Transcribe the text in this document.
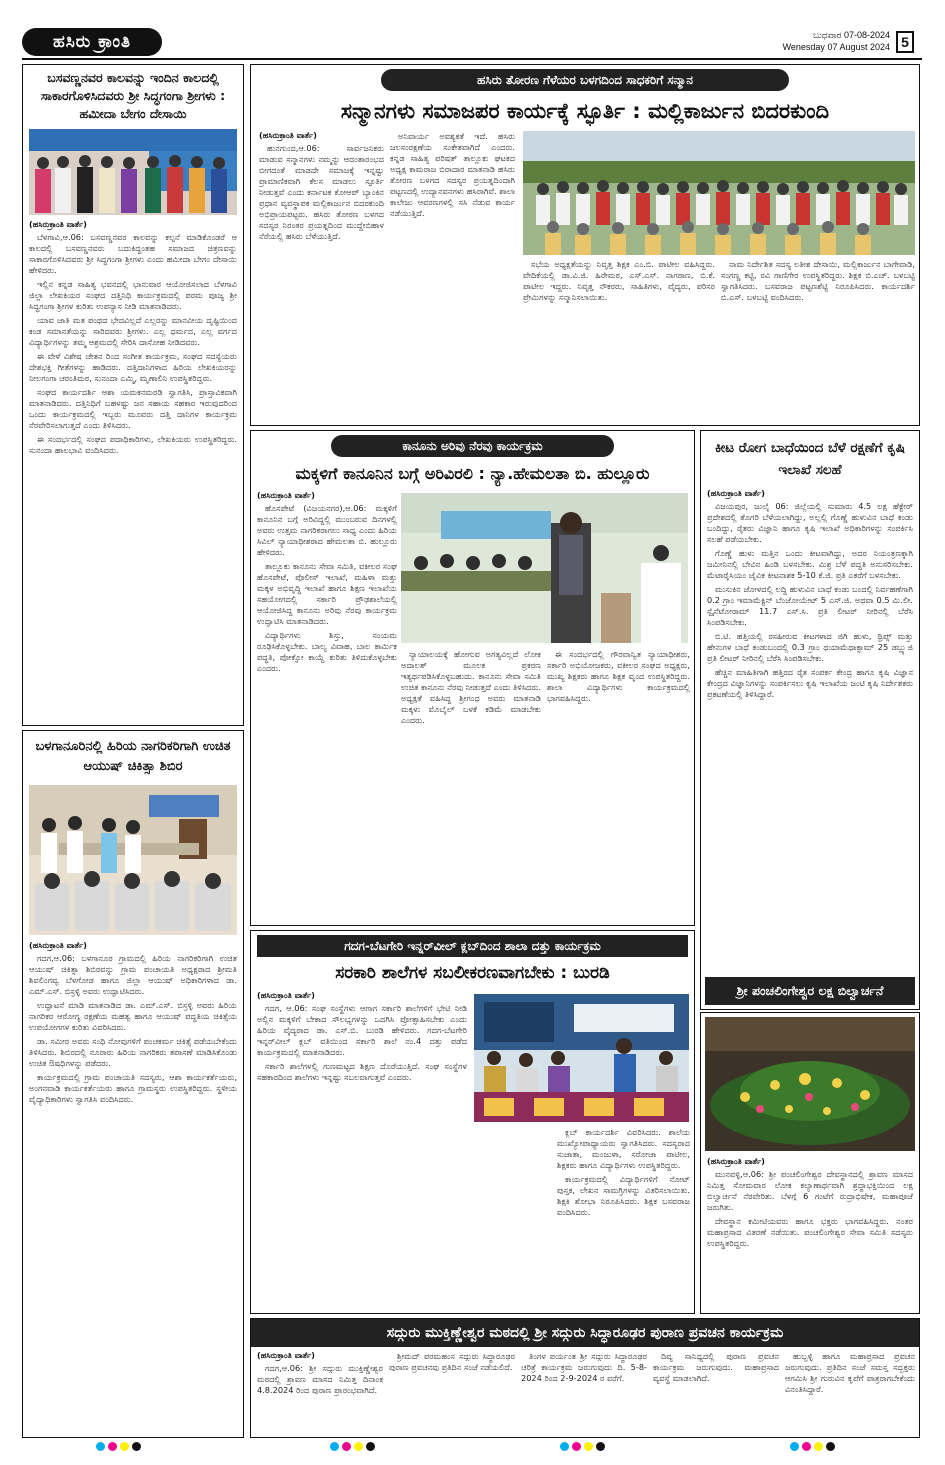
ಹಸಿರು ಕ್ರಾಂತಿ	ಬುಧವಾರ 07-08-2024
Wenesday 07 August 2024 5
ಬಸವಣ್ಣನವರ ಕಾಲವನ್ನು ಇಂದಿನ ಕಾಲದಲ್ಲಿ ಸಾಕಾರಗೊಳಿಸಿದವರು ಶ್ರೀ ಸಿದ್ಧಗಂಗಾ ಶ್ರೀಗಳು : ಹಮೀದಾ ಬೇಗಂ ದೇಸಾಯಿ
(ಹಸಿರುಕ್ರಾಂತಿ ವಾರ್ತೆ)

ಬೆಳಗಾವಿ,ಆ.06: ಬಸವಣ್ಣನವರ ಕಾಲವನ್ನು ಕಲ್ಪನೆ ಮಾಡಿಕೊಂಡರೆ ಆ ಕಾಲದಲ್ಲಿ ಬಸವಣ್ಣನವರು ಬದುಕಿದ್ದಂತಹ ಸಮಾಜದ ಚಿತ್ರಣವನ್ನು ಸಾಕಾರಗೊಳಿಸಿದವರು ಶ್ರೀ ಸಿದ್ಧಗಂಗಾ ಶ್ರೀಗಳು ಎಂದು ಹಮೀದಾ ಬೇಗಂ ದೇಸಾಯಿ ಹೇಳಿದರು.

ಇಲ್ಲಿನ ಕನ್ನಡ ಸಾಹಿತ್ಯ ಭವನದಲ್ಲಿ ಭಾನುವಾರ ಆಯೋಜಿಸಲಾದ ಬೆಳಗಾವಿ ಜಿಲ್ಲಾ ಲೇಖಕಿಯರ ಸಂಘದ ದತ್ತಿನಿಧಿ ಕಾರ್ಯಕ್ರಮದಲ್ಲಿ ಪರಮ ಪೂಜ್ಯ ಶ್ರೀ ಸಿದ್ಧಗಂಗಾ ಶ್ರೀಗಳ ಕುರಿತು ಉಪನ್ಯಾಸ ನೀಡಿ ಮಾತನಾಡಿದರು.

ಯಾವ ಜಾತಿ ಮತ ಪಂಥದ ಭೇದವಿಲ್ಲದೆ ಎಲ್ಲರನ್ನು ಮಾನವೀಯ ದೃಷ್ಟಿಯಿಂದ ಕಂಡ ಸಮಾನತೆಯನ್ನು ಸಾರಿದವರು ಶ್ರೀಗಳು. ಎಲ್ಲ ಧರ್ಮದ, ಎಲ್ಲ ವರ್ಗದ ವಿದ್ಯಾರ್ಥಿಗಳನ್ನು ತಮ್ಮ ಆಶ್ರಮದಲ್ಲಿ ಸೇರಿಸಿ ದಾಸೋಹ ನೀಡಿದವರು.

ಈ ವೇಳೆ ವಿಶೇಷ ಚೇತನ ರಿಂದ ಸಂಗೀತ ಕಾರ್ಯಕ್ರಮ, ಸಂಘದ ಸದಸ್ಯೆಯರು ದೇಶಭಕ್ತಿ ಗೀತೆಗಳನ್ನು ಹಾಡಿದರು. ದತ್ತಿದಾನಿಗಳಾದ ಹಿರಿಯ ಲೇಖಕಿಯರನ್ನು ನೀಲಗಂಗಾ ಚರಂತಿಮಠ, ಸುನಂದಾ ಎಮ್ಮಿ, ಮೃಣಾಲಿನಿ ಉಪಸ್ಥಿತರಿದ್ದರು.

ಸಂಘದ ಕಾರ್ಯದರ್ಶಿ ಆಶಾ ಯಮಕನಮರಡಿ ಸ್ವಾಗತಿಸಿ, ಪ್ರಾಸ್ತಾವಿಕವಾಗಿ ಮಾತನಾಡಿದರು. ದತ್ತಿನಿಧಿಗೆ ಬಹಳಷ್ಟು ಜನ ಸಹಾಯ ಸಹಕಾರ ಇರುವುದರಿಂದ ಒಂದು ಕಾರ್ಯಕ್ರಮದಲ್ಲಿ ಇಬ್ಬರು ಮೂವರು ದತ್ತಿ ದಾನಿಗಳ ಕಾರ್ಯಕ್ರಮ ನೆರವೇರಿಸಲಾಗುತ್ತದೆ ಎಂದು ತಿಳಿಸಿದರು.

ಈ ಸಂದರ್ಭದಲ್ಲಿ ಸಂಘದ ಪದಾಧಿಕಾರಿಗಳು, ಲೇಖಕಿಯರು ಉಪಸ್ಥಿತರಿದ್ದರು. ಸುನಂದಾ ಹಾಲಭಾವಿ ವಂದಿಸಿದರು.

ಬಳಗಾನೂರಿನಲ್ಲಿ ಹಿರಿಯ ನಾಗರಿಕರಿಗಾಗಿ ಉಚಿತ ಆಯುಷ್ ಚಿಕಿತ್ಸಾ ಶಿಬಿರ
(ಹಸಿರುಕ್ರಾಂತಿ ವಾರ್ತೆ)

ಗದಗ,ಆ.06: ಬಳಗಾನೂರ ಗ್ರಾಮದಲ್ಲಿ ಹಿರಿಯ ನಾಗರಿಕರಿಗಾಗಿ ಉಚಿತ ಆಯುಷ್ ಚಿಕಿತ್ಸಾ ಶಿಬಿರವನ್ನು ಗ್ರಾಮ ಪಂಚಾಯತಿ ಅಧ್ಯಕ್ಷರಾದ ಶ್ರೀಮತಿ ಶಿವಲಿಂಗವ್ವ ಬೆಳಗೋಡ ಹಾಗೂ ಜಿಲ್ಲಾ ಆಯುಷ್ ಅಧಿಕಾರಿಗಳಾದ ಡಾ. ಎಮ್.ಎಸ್. ಬಿಸ್ರಳ್ಳಿ ಅವರು ಉದ್ಘಾಟಿಸಿದರು.

ಉದ್ಘಾಟನೆ ಮಾಡಿ ಮಾತನಾಡಿದ ಡಾ. ಎಮ್.ಎಸ್. ಬಿಸ್ರಳ್ಳಿ ಅವರು ಹಿರಿಯ ನಾಗರಿಕರ ಆರೋಗ್ಯ ರಕ್ಷಣೆಯ ಮಹತ್ವ ಹಾಗೂ ಆಯುಷ್ ಪದ್ಧತಿಯ ಚಿಕಿತ್ಸೆಯ ಉಪಯೋಗಗಳ ಕುರಿತು ವಿವರಿಸಿದರು.

ಡಾ. ಸಮೀರ ಅವರು ಸಂಧಿ ನೋವುಗಳಿಗೆ ಪಂಚಕರ್ಮ ಚಿಕಿತ್ಸೆ ಪಡೆಯಬೇಕೆಂದು ತಿಳಿಸಿದರು. ಶಿಬಿರದಲ್ಲಿ ನೂರಾರು ಹಿರಿಯ ನಾಗರಿಕರು ತಪಾಸಣೆ ಮಾಡಿಸಿಕೊಂಡು ಉಚಿತ ಔಷಧಿಗಳನ್ನು ಪಡೆದರು.

ಕಾರ್ಯಕ್ರಮದಲ್ಲಿ ಗ್ರಾಮ ಪಂಚಾಯತಿ ಸದಸ್ಯರು, ಆಶಾ ಕಾರ್ಯಕರ್ತೆಯರು, ಅಂಗನವಾಡಿ ಕಾರ್ಯಕರ್ತೆಯರು ಹಾಗೂ ಗ್ರಾಮಸ್ಥರು ಉಪಸ್ಥಿತರಿದ್ದರು. ಸ್ಥಳೀಯ ವೈದ್ಯಾಧಿಕಾರಿಗಳು ಸ್ವಾಗತಿಸಿ ವಂದಿಸಿದರು.

ಹಸಿರು ತೋರಣ ಗೆಳೆಯರ ಬಳಗದಿಂದ ಸಾಧಕರಿಗೆ ಸನ್ಮಾನ
ಸನ್ಮಾನಗಳು ಸಮಾಜಪರ ಕಾರ್ಯಕ್ಕೆ ಸ್ಫೂರ್ತಿ : ಮಲ್ಲಿಕಾರ್ಜುನ ಬಿದರಕುಂದಿ
(ಹಸಿರುಕ್ರಾಂತಿ ವಾರ್ತೆ)

ಹುನಗುಂದ,ಆ.06: ಸಾರ್ವಜನಿಕರು ಮಾಡುವ ಸನ್ಮಾನಗಳು ನಮ್ಮನ್ನು ಆದಂತಾರಂಭದ ಬೀಗದಂತೆ ಮಾಡದೇ ಸಮಾಜಕ್ಕೆ ಇನ್ನಷ್ಟು ಪ್ರಾಮಾಣಿಕವಾಗಿ ಕೆಲಸ ಮಾಡಲು ಸ್ಫೂರ್ತಿ ನೀಡುತ್ತವೆ ಎಂದು ಕರ್ನಾಟಕ ಕೋಆಪ್ ಬ್ಯಾಂಕಿನ ಪ್ರಧಾನ ವ್ಯವಸ್ಥಾಪಕ ಮಲ್ಲಿಕಾರ್ಜುನ ಬಿದರಕುಂದಿ ಅಭಿಪ್ರಾಯಪಟ್ಟರು. ಹಸಿರು ತೋರಣ ಬಳಗದ ಸದಸ್ಯರ ನಿರಂತರ ಪ್ರಯತ್ನದಿಂದ ಮುದ್ದೇಬಿಹಾಳ ನೆರೆಯಲ್ಲಿ ಹಸಿರು ಬೆಳೆಯುತ್ತಿದೆ.

ಅನಿವಾರ್ಯ ಅವಶ್ಯಕತೆ ಇದೆ. ಹಸಿರು ಜಲಸಂರಕ್ಷಣೆಯ ಸಂಕೇತವಾಗಿದೆ ಎಂದರು. ಕನ್ನಡ ಸಾಹಿತ್ಯ ಪರಿಷತ್ ತಾಲ್ಲೂಕು ಘಟಕದ ಅಧ್ಯಕ್ಷ ಕಾಮರಾಜ ಬಿರಾದಾರ ಮಾತನಾಡಿ ಹಸಿರು ತೋರಣ ಬಳಗದ ಸದಸ್ಯರ ಪ್ರಯತ್ನದಿಂದಾಗಿ ಪಟ್ಟಣದಲ್ಲಿ ಉದ್ಯಾನವನಗಳು ಹಸಿರಾಗಿವೆ. ಶಾಲಾ ಕಾಲೇಜು ಆವರಣಗಳಲ್ಲಿ ಸಸಿ ನೆಡುವ ಕಾರ್ಯ ನಡೆಯುತ್ತಿದೆ.

ಸಭೆಯ ಅಧ್ಯಕ್ಷತೆಯನ್ನು ನಿವೃತ್ತ ಶಿಕ್ಷಕ ಎಂ.ಬಿ. ಪಾಟೀಲ ವಹಿಸಿದ್ದರು. ವೇದಿಕೆಯಲ್ಲಿ ಡಾ.ವಿ.ಜಿ. ಹಿರೇಮಠ, ಎಸ್.ಎಸ್. ನಾಗಠಾಣ, ಬಿ.ಕೆ. ಪಾಟೀಲ ಇದ್ದರು. ನಿವೃತ್ತ ನೌಕರರು, ಸಾಹಿತಿಗಳು, ವೈದ್ಯರು, ಪರಿಸರ ಪ್ರೇಮಿಗಳನ್ನು ಸನ್ಮಾನಿಸಲಾಯಿತು.

ನಾಮ ನಿರ್ದೇಶಿತ ಸದಸ್ಯ ಲತೀಶ ದೇಸಾಯಿ, ಮಲ್ಲಿಕಾರ್ಜುನ ಬಾಗೇವಾಡಿ, ಸಂಗಣ್ಣ ಕಟ್ಟಿ, ರವಿ ಗಾಣಿಗೇರ ಉಪಸ್ಥಿತರಿದ್ದರು. ಶಿಕ್ಷಕ ಬಿ.ಎಚ್. ಬಳಬಟ್ಟಿ ಸ್ವಾಗತಿಸಿದರು. ಬಸವರಾಜ ಪಟ್ಟಣಶೆಟ್ಟಿ ನಿರೂಪಿಸಿದರು. ಕಾರ್ಯದರ್ಶಿ ಬಿ.ಎಸ್. ಬಳಬಟ್ಟಿ ವಂದಿಸಿದರು.

ಕಾನೂನು ಅರಿವು ನೆರವು ಕಾರ್ಯಕ್ರಮ
ಮಕ್ಕಳಿಗೆ ಕಾನೂನಿನ ಬಗ್ಗೆ ಅರಿವಿರಲಿ : ನ್ಯಾ.ಹೇಮಲತಾ ಬಿ. ಹುಲ್ಲೂರು
(ಹಸಿರುಕ್ರಾಂತಿ ವಾರ್ತೆ)

ಹೊಸಪೇಟೆ (ವಿಜಯನಗರ),ಆ.06: ಮಕ್ಕಳಿಗೆ ಕಾನೂನಿನ ಬಗ್ಗೆ ಅರಿವಿದ್ದಲ್ಲಿ ಮುಂಬರುವ ದಿನಗಳಲ್ಲಿ ಅವರು ಉತ್ತಮ ನಾಗರಿಕರಾಗಲು ಸಾಧ್ಯ ಎಂದು ಹಿರಿಯ ಸಿವಿಲ್ ನ್ಯಾಯಾಧೀಶರಾದ ಹೇಮಲತಾ ಬಿ. ಹುಲ್ಲೂರು ಹೇಳಿದರು.

ತಾಲ್ಲೂಕು ಕಾನೂನು ಸೇವಾ ಸಮಿತಿ, ವಕೀಲರ ಸಂಘ ಹೊಸಪೇಟೆ, ಪೊಲೀಸ್ ಇಲಾಖೆ, ಮಹಿಳಾ ಮತ್ತು ಮಕ್ಕಳ ಅಭಿವೃದ್ಧಿ ಇಲಾಖೆ ಹಾಗೂ ಶಿಕ್ಷಣ ಇಲಾಖೆಯ ಸಹಯೋಗದಲ್ಲಿ ಸರ್ಕಾರಿ ಪ್ರೌಢಶಾಲೆಯಲ್ಲಿ ಆಯೋಜಿಸಿದ್ದ ಕಾನೂನು ಅರಿವು ನೆರವು ಕಾರ್ಯಕ್ರಮ ಉದ್ಘಾಟಿಸಿ ಮಾತನಾಡಿದರು.

ವಿದ್ಯಾರ್ಥಿಗಳು ಶಿಸ್ತು, ಸಂಯಮ ರೂಢಿಸಿಕೊಳ್ಳಬೇಕು. ಬಾಲ್ಯ ವಿವಾಹ, ಬಾಲ ಕಾರ್ಮಿಕ ಪದ್ಧತಿ, ಪೋಕ್ಸೋ ಕಾಯ್ದೆ ಕುರಿತು ತಿಳಿದುಕೊಳ್ಳಬೇಕು ಎಂದರು.

ನ್ಯಾಯಾಲಯಕ್ಕೆ ಹೋಗುವ ಅಗತ್ಯವಿಲ್ಲದೆ ಲೋಕ ಅದಾಲತ್ ಮೂಲಕ ಪ್ರಕರಣ ಇತ್ಯರ್ಥಪಡಿಸಿಕೊಳ್ಳಬಹುದು. ಕಾನೂನು ಸೇವಾ ಸಮಿತಿ ಉಚಿತ ಕಾನೂನು ನೆರವು ನೀಡುತ್ತದೆ ಎಂದು ತಿಳಿಸಿದರು. ಅಧ್ಯಕ್ಷತೆ ವಹಿಸಿದ್ದ ಶ್ರೀಗಂಧ ಅವರು ಮಾತನಾಡಿ ಮಕ್ಕಳು ಮೊಬೈಲ್ ಬಳಕೆ ಕಡಿಮೆ ಮಾಡಬೇಕು ಎಂದರು.

ಈ ಸಂದರ್ಭದಲ್ಲಿ ಗೌರವಾನ್ವಿತ ನ್ಯಾಯಾಧೀಶರು, ಸರ್ಕಾರಿ ಅಭಿಯೋಜಕರು, ವಕೀಲರ ಸಂಘದ ಅಧ್ಯಕ್ಷರು, ಮುಖ್ಯ ಶಿಕ್ಷಕರು ಹಾಗೂ ಶಿಕ್ಷಕ ವೃಂದ ಉಪಸ್ಥಿತರಿದ್ದರು. ಶಾಲಾ ವಿದ್ಯಾರ್ಥಿಗಳು ಕಾರ್ಯಕ್ರಮದಲ್ಲಿ ಭಾಗವಹಿಸಿದ್ದರು.

ಕೀಟ ರೋಗ ಬಾಧೆಯಿಂದ ಬೆಳೆ ರಕ್ಷಣೆಗೆ ಕೃಷಿ ಇಲಾಖೆ ಸಲಹೆ
(ಹಸಿರುಕ್ರಾಂತಿ ವಾರ್ತೆ)

ವಿಜಯಪುರ, ಜುಲೈ 06: ಜಿಲ್ಲೆಯಲ್ಲಿ ಸುಮಾರು 4.5 ಲಕ್ಷ ಹೆಕ್ಟೇರ್ ಪ್ರದೇಶದಲ್ಲಿ ತೊಗರಿ ಬೆಳೆಯಲಾಗಿದ್ದು, ಅಲ್ಲಲ್ಲಿ ಗೊಣ್ಣೆ ಹುಳುವಿನ ಬಾಧೆ ಕಂಡು ಬಂದಿದ್ದು, ರೈತರು ವಿಜ್ಞಾನಿ ಹಾಗೂ ಕೃಷಿ ಇಲಾಖೆ ಅಧಿಕಾರಿಗಳನ್ನು ಸಂಪರ್ಕಿಸಿ ಸಲಹೆ ಪಡೆಯಬೇಕು.

ಗೊಣ್ಣೆ ಹುಳು ಮತ್ತಿನ ಒಂದು ಕೀಟವಾಗಿದ್ದು, ಅದರ ನಿಯಂತ್ರಣಕ್ಕಾಗಿ ಜಮೀನಿನಲ್ಲಿ ಬೇವಿನ ಹಿಂಡಿ ಬಳಸಬೇಕು. ಮಿಶ್ರ ಬೆಳೆ ಪದ್ಧತಿ ಅನುಸರಿಸಬೇಕು. ಮೆಟಾರೈಸಿಯಂ ಜೈವಿಕ ಕೀಟನಾಶಕ 5-10 ಕೆ.ಜಿ. ಪ್ರತಿ ಎಕರೆಗೆ ಬಳಸಬೇಕು.

ಮುಸುಕಿನ ಜೋಳದಲ್ಲಿ ಲದ್ದಿ ಹುಳುವಿನ ಬಾಧೆ ಕಂಡು ಬಂದಲ್ಲಿ ನಿರ್ವಹಣೆಗಾಗಿ 0.2 ಗ್ರಾಂ ಇಮಾಮೆಕ್ಟಿನ್ ಬೆಂಜೋಯೇಟ್ 5 ಎಸ್.ಜಿ. ಅಥವಾ 0.5 ಮಿ.ಲೀ. ಸ್ಪೈನೆಟೋರಾಮ್ 11.7 ಎಸ್.ಸಿ. ಪ್ರತಿ ಲೀಟರ್ ನೀರಿನಲ್ಲಿ ಬೆರೆಸಿ ಸಿಂಪಡಿಸಬೇಕು.

ಬಿ.ಟಿ. ಹತ್ತಿಯಲ್ಲಿ ರಸಹೀರುವ ಕೀಟಗಳಾದ ಜಿಗಿ ಹುಳು, ಥ್ರಿಪ್ಸ್ ಮತ್ತು ಹೇನುಗಳ ಬಾಧೆ ಕಂಡುಬಂದಲ್ಲಿ 0.3 ಗ್ರಾಂ ಥಯಾಮೆಥಾಕ್ಸಾಮ್ 25 ಡಬ್ಲ್ಯುಜಿ ಪ್ರತಿ ಲೀಟರ್ ನೀರಿನಲ್ಲಿ ಬೆರೆಸಿ ಸಿಂಪಡಿಸಬೇಕು.

ಹೆಚ್ಚಿನ ಮಾಹಿತಿಗಾಗಿ ಹತ್ತಿರದ ರೈತ ಸಂಪರ್ಕ ಕೇಂದ್ರ ಹಾಗೂ ಕೃಷಿ ವಿಜ್ಞಾನ ಕೇಂದ್ರದ ವಿಜ್ಞಾನಿಗಳನ್ನು ಸಂಪರ್ಕಿಸಲು ಕೃಷಿ ಇಲಾಖೆಯ ಜಂಟಿ ಕೃಷಿ ನಿರ್ದೇಶಕರು ಪ್ರಕಟಣೆಯಲ್ಲಿ ತಿಳಿಸಿದ್ದಾರೆ.

ಶ್ರೀ ಪಂಚಲಿಂಗೇಶ್ವರ ಲಕ್ಷ ಬಿಲ್ವಾರ್ಚನೆ
(ಹಸಿರುಕ್ರಾಂತಿ ವಾರ್ತೆ)

ಮುನವಳ್ಳಿ,ಆ.06: ಶ್ರೀ ಪಂಚಲಿಂಗೇಶ್ವರ ದೇವಸ್ಥಾನದಲ್ಲಿ ಶ್ರಾವಣ ಮಾಸದ ನಿಮಿತ್ತ ಸೋಮವಾರ ಲೋಕ ಕಲ್ಯಾಣಾರ್ಥವಾಗಿ ಶ್ರದ್ಧಾಭಕ್ತಿಯಿಂದ ಲಕ್ಷ ಬಿಲ್ವಾರ್ಚನೆ ನೆರವೇರಿತು. ಬೆಳಗ್ಗೆ 6 ಗಂಟೆಗೆ ರುದ್ರಾಭಿಷೇಕ, ಮಹಾಪೂಜೆ ಜರುಗಿತು.

ದೇವಸ್ಥಾನ ಕಮೀಟಿಯವರು ಹಾಗೂ ಭಕ್ತರು ಭಾಗವಹಿಸಿದ್ದರು. ನಂತರ ಮಹಾಪ್ರಸಾದ ವಿತರಣೆ ನಡೆಯಿತು. ಪಂಚಲಿಂಗೇಶ್ವರ ಸೇವಾ ಸಮಿತಿ ಸದಸ್ಯರು ಉಪಸ್ಥಿತರಿದ್ದರು.

ಗದಗ-ಬೆಟಗೇರಿ ಇನ್ನರ್‌ವೀಲ್ ಕ್ಲಬ್‌ದಿಂದ ಶಾಲಾ ದತ್ತು ಕಾರ್ಯಕ್ರಮ
ಸರಕಾರಿ ಶಾಲೆಗಳ ಸಬಲೀಕರಣವಾಗಬೇಕು : ಬುರಡಿ
(ಹಸಿರುಕ್ರಾಂತಿ ವಾರ್ತೆ)

ಗದಗ, ಆ.06: ಸಂಘ ಸಂಸ್ಥೆಗಳು ಆಗಾಗ ಸರ್ಕಾರಿ ಶಾಲೆಗಳಿಗೆ ಭೇಟಿ ನೀಡಿ ಅಲ್ಲಿನ ಮಕ್ಕಳಿಗೆ ಬೇಕಾದ ಸೌಲಭ್ಯಗಳನ್ನು ಒದಗಿಸಿ ಪ್ರೋತ್ಸಾಹಿಸಬೇಕು ಎಂದು ಹಿರಿಯ ವೈದ್ಯರಾದ ಡಾ. ಎಸ್.ಬಿ. ಬುರಡಿ ಹೇಳಿದರು. ಗದಗ-ಬೆಟಗೇರಿ ಇನ್ನರ್‌ವೀಲ್ ಕ್ಲಬ್ ವತಿಯಿಂದ ಸರ್ಕಾರಿ ಶಾಲೆ ನಂ.4 ದತ್ತು ಪಡೆದ ಕಾರ್ಯಕ್ರಮದಲ್ಲಿ ಮಾತನಾಡಿದರು.

ಸರ್ಕಾರಿ ಶಾಲೆಗಳಲ್ಲಿ ಗುಣಮಟ್ಟದ ಶಿಕ್ಷಣ ದೊರೆಯುತ್ತಿದೆ. ಸಂಘ ಸಂಸ್ಥೆಗಳ ಸಹಕಾರದಿಂದ ಶಾಲೆಗಳು ಇನ್ನಷ್ಟು ಸಬಲವಾಗುತ್ತವೆ ಎಂದರು.

ಕ್ಲಬ್ ಕಾರ್ಯದರ್ಶಿ ವಿವರಿಸಿದರು. ಶಾಲೆಯ ಮುಖ್ಯೋಪಾಧ್ಯಾಯರು ಸ್ವಾಗತಿಸಿದರು. ಸದಸ್ಯರಾದ ಸುಜಾತಾ, ಮಂಜುಳಾ, ಸರೋಜಾ ಪಾಟೀಲ, ಶಿಕ್ಷಕರು ಹಾಗೂ ವಿದ್ಯಾರ್ಥಿಗಳು ಉಪಸ್ಥಿತರಿದ್ದರು.

ಕಾರ್ಯಕ್ರಮದಲ್ಲಿ ವಿದ್ಯಾರ್ಥಿಗಳಿಗೆ ನೋಟ್ ಪುಸ್ತಕ, ಲೇಖನ ಸಾಮಗ್ರಿಗಳನ್ನು ವಿತರಿಸಲಾಯಿತು. ಶಿಕ್ಷಕಿ ಶೋಭಾ ನಿರೂಪಿಸಿದರು. ಶಿಕ್ಷಕ ಬಸವರಾಜ ವಂದಿಸಿದರು.

ಸದ್ಗುರು ಮುಕ್ತಿಣ್ಣೇಶ್ವರ ಮಠದಲ್ಲಿ ಶ್ರೀ ಸದ್ಗುರು ಸಿದ್ಧಾರೂಢರ ಪುರಾಣ ಪ್ರವಚನ ಕಾರ್ಯಕ್ರಮ
(ಹಸಿರುಕ್ರಾಂತಿ ವಾರ್ತೆ)

ಗದಗ,ಆ.06: ಶ್ರೀ ಸದ್ಗುರು ಮುಕ್ತಿಣ್ಣೇಶ್ವರ ಮಠದಲ್ಲಿ ಶ್ರಾವಣ ಮಾಸದ ನಿಮಿತ್ತ ದಿನಾಂಕ 4.8.2024 ರಿಂದ ಪುರಾಣ ಪ್ರಾರಂಭವಾಗಿದೆ.

ಶ್ರೀಮದ್ ಪರಮಹಂಸ ಸದ್ಗುರು ಸಿದ್ಧಾರೂಢರ ಪುರಾಣ ಪ್ರವಚನವು ಪ್ರತಿದಿನ ಸಂಜೆ ನಡೆಯಲಿದೆ.

ತಿಂಗಳ ಪರ್ಯಂತ ಶ್ರೀ ಸದ್ಗುರು ಸಿದ್ಧಾರೂಢರ ಚರಿತ್ರೆ ಕಾರ್ಯಕ್ರಮ ಜರುಗುವುದು ದಿ. 5-8-2024 ರಿಂದ 2-9-2024 ರ ವರೆಗೆ.

ದಿವ್ಯ ಸಾನಿಧ್ಯದಲ್ಲಿ ಪುರಾಣ ಪ್ರವಚನ ಕಾರ್ಯಕ್ರಮ ಜರುಗುವುದು. ಮಹಾಪ್ರಸಾದ ವ್ಯವಸ್ಥೆ ಮಾಡಲಾಗಿದೆ.

ಹುಬ್ಬಳ್ಳಿ ಹಾಗೂ ಮಹಾಪ್ರಸಾದ ಪ್ರವಚನ ಜರುಗುವುದು. ಪ್ರತಿದಿನ ಸಂಜೆ ಸಮಸ್ತ ಸದ್ಭಕ್ತರು ಆಗಮಿಸಿ ಶ್ರೀ ಗುರುವಿನ ಕೃಪೆಗೆ ಪಾತ್ರರಾಗಬೇಕೆಂದು ವಿನಂತಿಸಿದ್ದಾರೆ.
